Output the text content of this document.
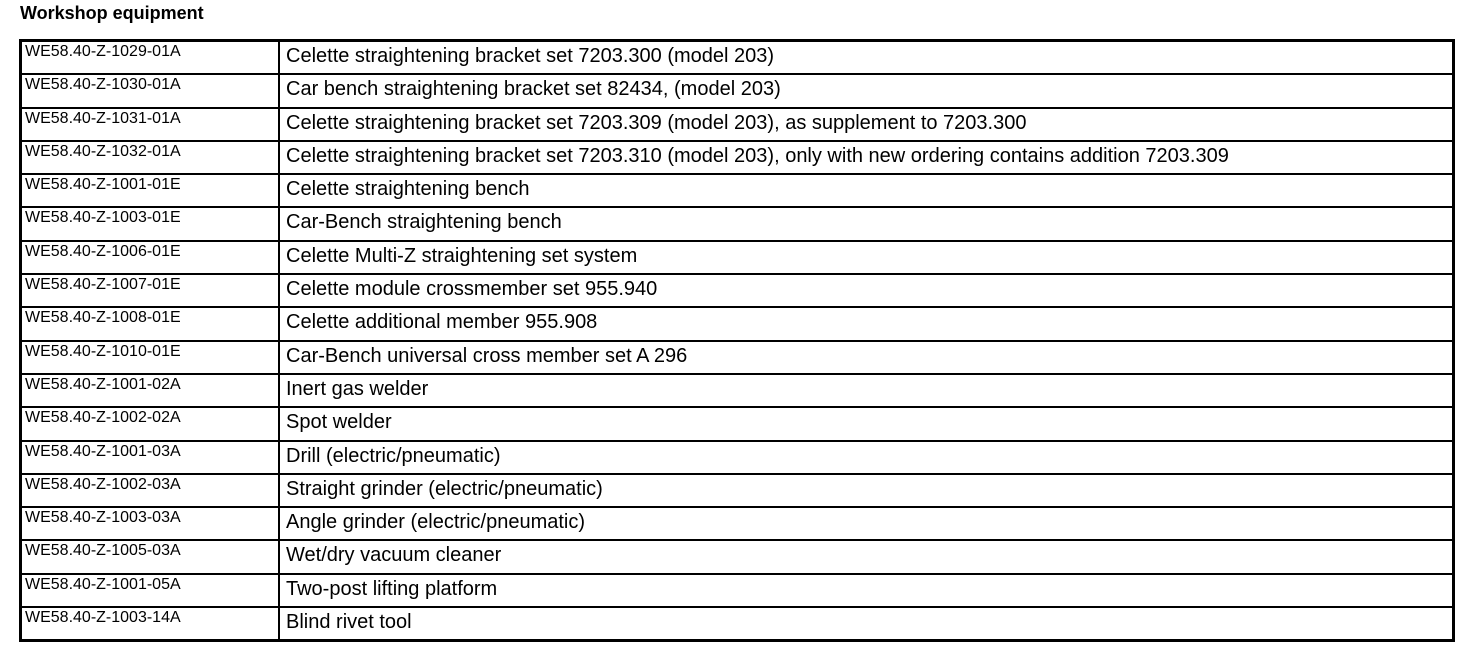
Workshop equipment
WE58.40-Z-1029-01A	Celette straightening bracket set 7203.300 (model 203)
WE58.40-Z-1030-01A	Car bench straightening bracket set 82434, (model 203)
WE58.40-Z-1031-01A	Celette straightening bracket set 7203.309 (model 203), as supplement to 7203.300
WE58.40-Z-1032-01A	Celette straightening bracket set 7203.310 (model 203), only with new ordering contains addition 7203.309
WE58.40-Z-1001-01E	Celette straightening bench
WE58.40-Z-1003-01E	Car-Bench straightening bench
WE58.40-Z-1006-01E	Celette Multi-Z straightening set system
WE58.40-Z-1007-01E	Celette module crossmember set 955.940
WE58.40-Z-1008-01E	Celette additional member 955.908
WE58.40-Z-1010-01E	Car-Bench universal cross member set A 296
WE58.40-Z-1001-02A	Inert gas welder
WE58.40-Z-1002-02A	Spot welder
WE58.40-Z-1001-03A	Drill (electric/pneumatic)
WE58.40-Z-1002-03A	Straight grinder (electric/pneumatic)
WE58.40-Z-1003-03A	Angle grinder (electric/pneumatic)
WE58.40-Z-1005-03A	Wet/dry vacuum cleaner
WE58.40-Z-1001-05A	Two-post lifting platform
WE58.40-Z-1003-14A	Blind rivet tool
